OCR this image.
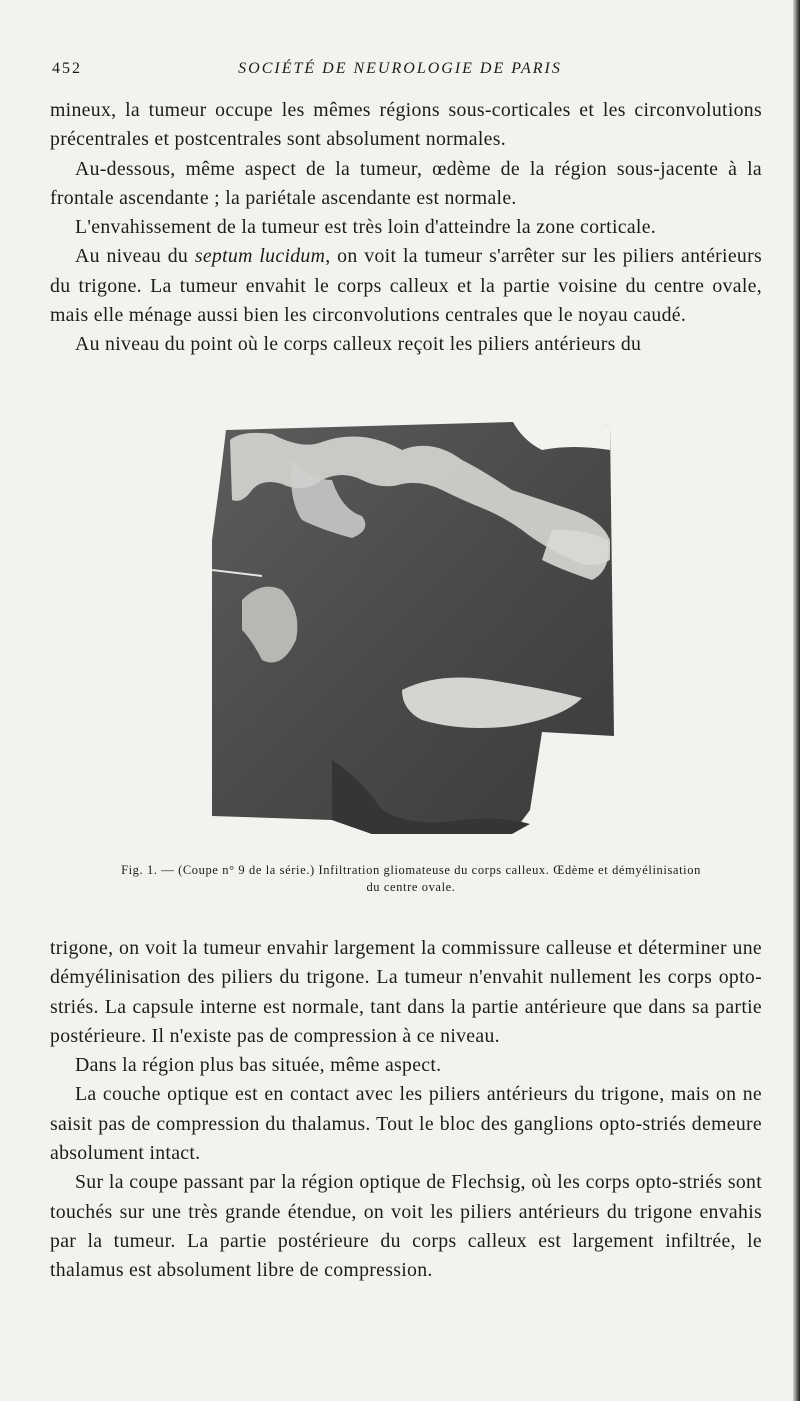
452	SOCIÉTÉ DE NEUROLOGIE DE PARIS

mineux, la tumeur occupe les mêmes régions sous-corticales et les circonvolutions précentrales et postcentrales sont absolument normales.

Au-dessous, même aspect de la tumeur, œdème de la région sous-jacente à la frontale ascendante ; la pariétale ascendante est normale.

L'envahissement de la tumeur est très loin d'atteindre la zone corticale.

Au niveau du septum lucidum, on voit la tumeur s'arrêter sur les piliers antérieurs du trigone. La tumeur envahit le corps calleux et la partie voisine du centre ovale, mais elle ménage aussi bien les circonvolutions centrales que le noyau caudé.

Au niveau du point où le corps calleux reçoit les piliers antérieurs du

Fig. 1. — (Coupe n° 9 de la série.) Infiltration gliomateuse du corps calleux. Œdème et démyélinisation
du centre ovale.

trigone, on voit la tumeur envahir largement la commissure calleuse et déterminer une démyélinisation des piliers du trigone. La tumeur n'envahit nullement les corps opto-striés. La capsule interne est normale, tant dans la partie antérieure que dans sa partie postérieure. Il n'existe pas de compression à ce niveau.

Dans la région plus bas située, même aspect.

La couche optique est en contact avec les piliers antérieurs du trigone, mais on ne saisit pas de compression du thalamus. Tout le bloc des ganglions opto-striés demeure absolument intact.

Sur la coupe passant par la région optique de Flechsig, où les corps opto-striés sont touchés sur une très grande étendue, on voit les piliers antérieurs du trigone envahis par la tumeur. La partie postérieure du corps calleux est largement infiltrée, le thalamus est absolument libre de compression.
